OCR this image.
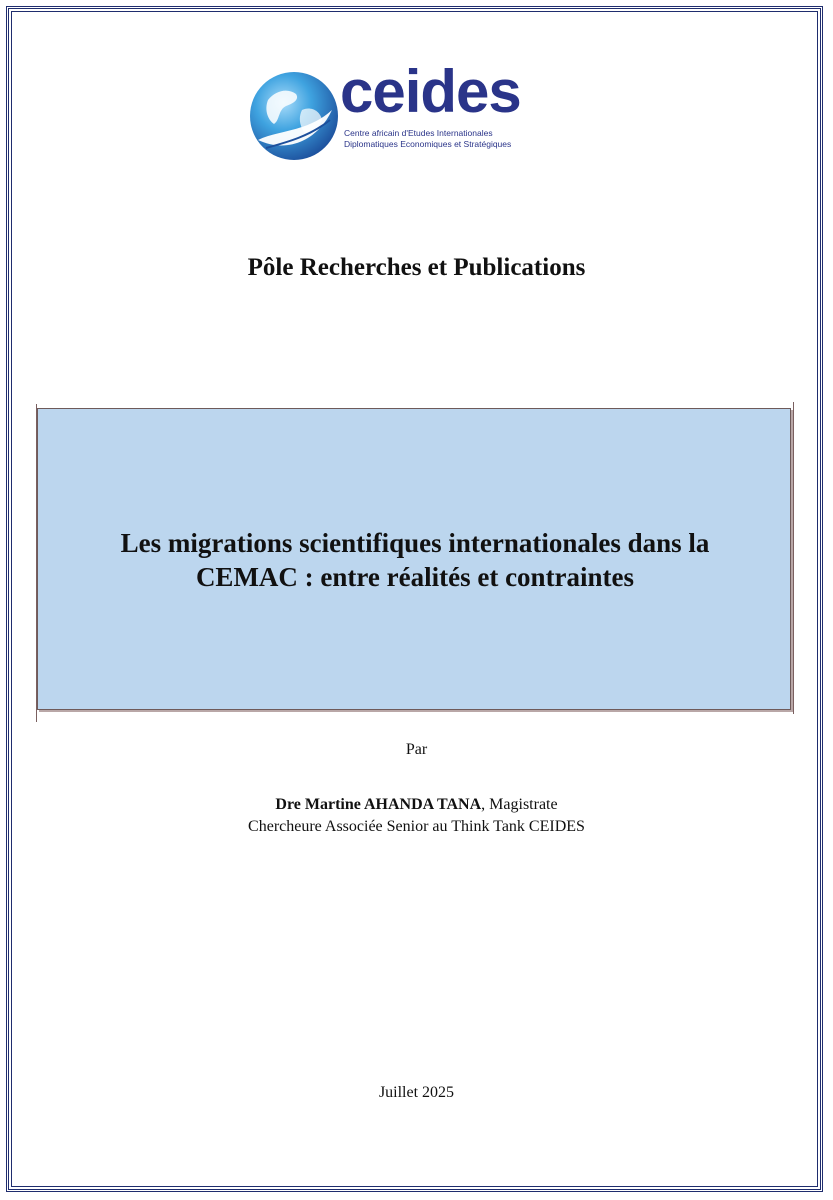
ceides
Centre africain d'Etudes Internationales
Diplomatiques Economiques et Stratégiques
Pôle Recherches et Publications
Les migrations scientifiques internationales dans la
CEMAC : entre réalités et contraintes
Par
Dre Martine AHANDA TANA, Magistrate
Chercheure Associée Senior au Think Tank CEIDES
Juillet 2025
